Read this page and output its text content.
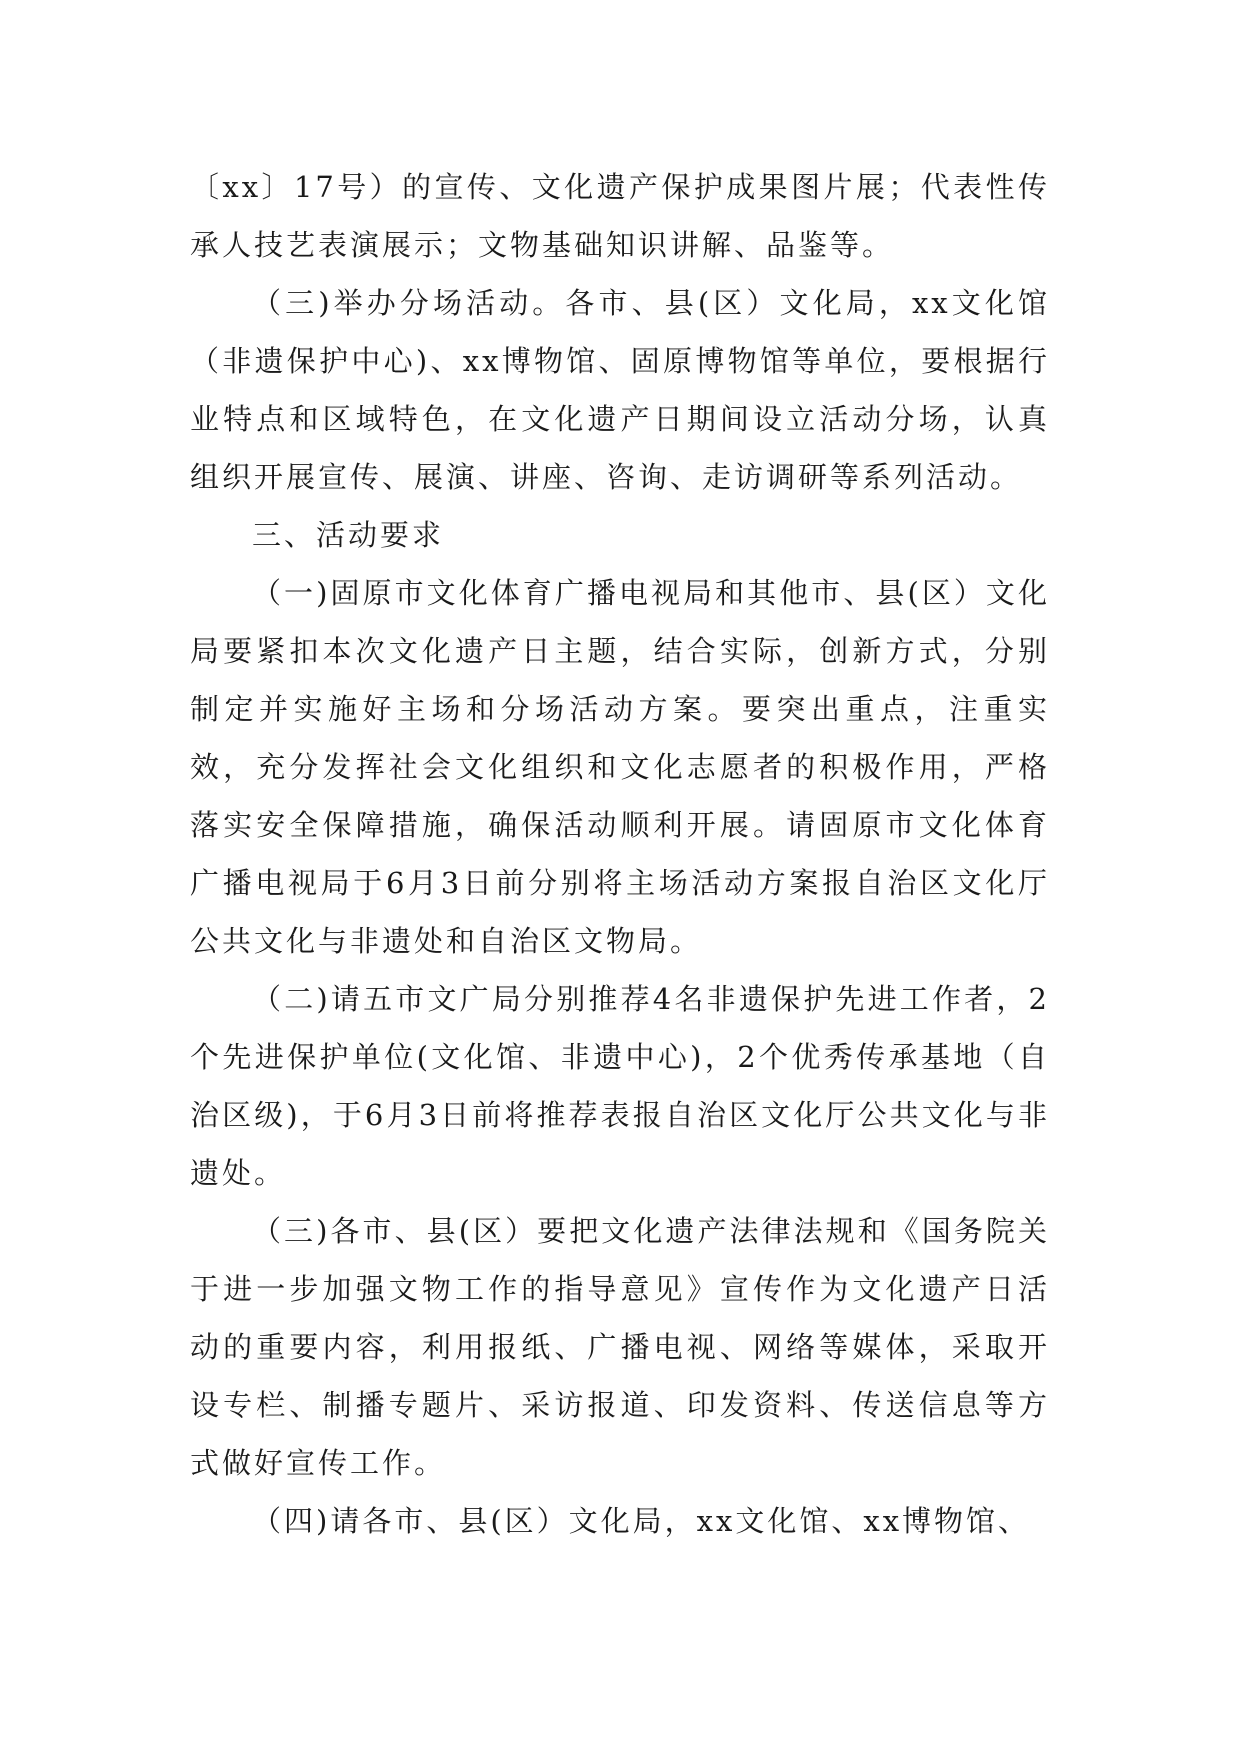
〔xx〕17号）的宣传、文化遗产保护成果图片展；代表性传承人技艺表演展示；文物基础知识讲解、品鉴等。

（三)举办分场活动。各市、县(区）文化局，xx文化馆（非遗保护中心)、xx博物馆、固原博物馆等单位，要根据行业特点和区域特色，在文化遗产日期间设立活动分场，认真组织开展宣传、展演、讲座、咨询、走访调研等系列活动。

三、活动要求

（一)固原市文化体育广播电视局和其他市、县(区）文化局要紧扣本次文化遗产日主题，结合实际，创新方式，分别制定并实施好主场和分场活动方案。要突出重点，注重实效，充分发挥社会文化组织和文化志愿者的积极作用，严格落实安全保障措施，确保活动顺利开展。请固原市文化体育广播电视局于6月3日前分别将主场活动方案报自治区文化厅公共文化与非遗处和自治区文物局。

（二)请五市文广局分别推荐4名非遗保护先进工作者，2个先进保护单位(文化馆、非遗中心)，2个优秀传承基地（自治区级)，于6月3日前将推荐表报自治区文化厅公共文化与非遗处。

（三)各市、县(区）要把文化遗产法律法规和《国务院关于进一步加强文物工作的指导意见》宣传作为文化遗产日活动的重要内容，利用报纸、广播电视、网络等媒体，采取开设专栏、制播专题片、采访报道、印发资料、传送信息等方式做好宣传工作。

（四)请各市、县(区）文化局，xx文化馆、xx博物馆、
